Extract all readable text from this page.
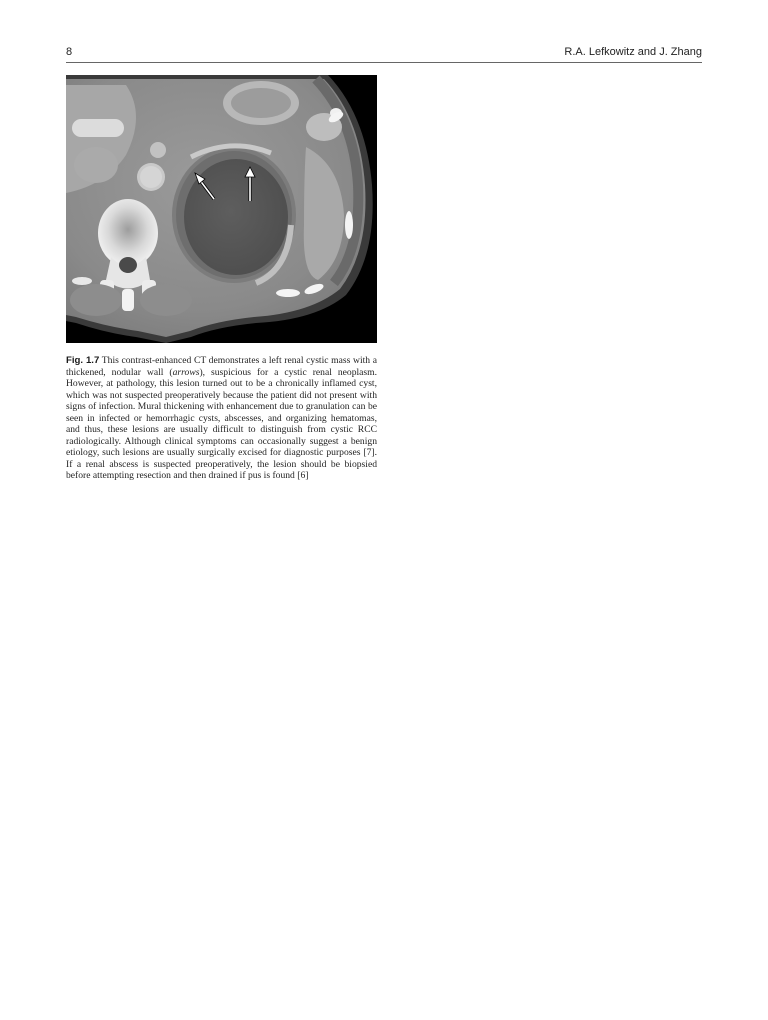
8	R.A. Lefkowitz and J. Zhang
Fig. 1.7 This contrast-enhanced CT demonstrates a left renal cystic mass with a thickened, nodular wall (arrows), suspicious for a cystic renal neoplasm. However, at pathology, this lesion turned out to be a chronically inflamed cyst, which was not suspected preoperatively because the patient did not present with signs of infection. Mural thickening with enhancement due to granulation can be seen in infected or hemorrhagic cysts, abscesses, and organizing hematomas, and thus, these lesions are usually difficult to distinguish from cystic RCC radiologically. Although clinical symptoms can occasionally suggest a benign etiology, such lesions are usually surgically excised for diagnostic purposes [7]. If a renal abscess is suspected preoperatively, the lesion should be biopsied before attempting resection and then drained if pus is found [6]
